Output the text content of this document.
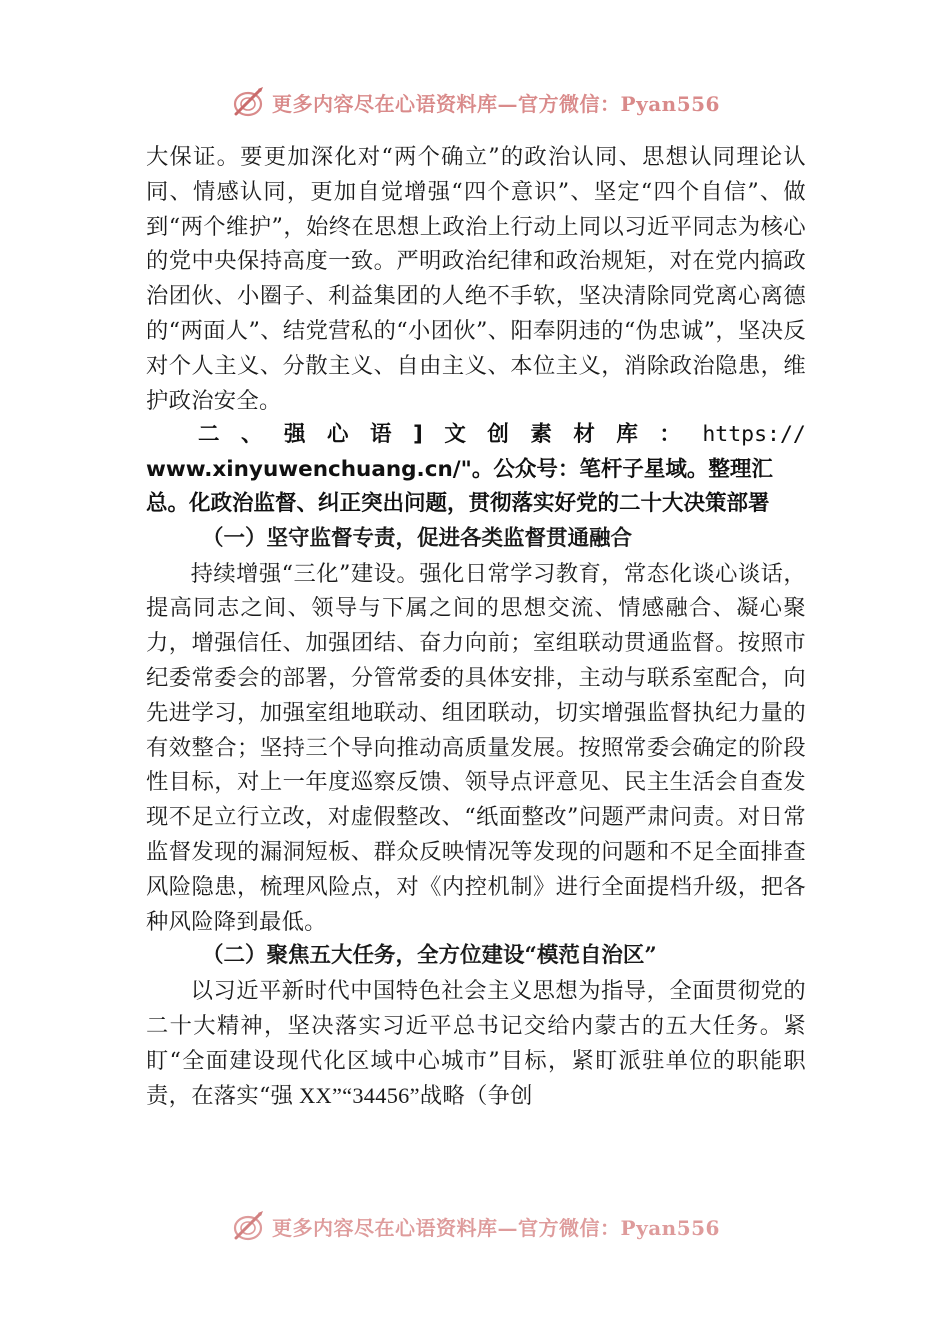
更多内容尽在心语资料库—官方微信：Pyan556

大保证。要更加深化对“两个确立”的政治认同、思想认同理论认同、情感认同，更加自觉增强“四个意识”、坚定“四个自信”、做到“两个维护”，始终在思想上政治上行动上同以习近平同志为核心的党中央保持高度一致。严明政治纪律和政治规矩，对在党内搞政治团伙、小圈子、利益集团的人绝不手软，坚决清除同党离心离德的“两面人”、结党营私的“小团伙”、阳奉阴违的“伪忠诚”，坚决反对个人主义、分散主义、自由主义、本位主义，消除政治隐患，维护政治安全。

二 、 强 心 语 ] 文 创 素 材 库 ： https://

www.xinyuwenchuang.cn/"。公众号：笔杆子星域。整理汇总。化政治监督、纠正突出问题，贯彻落实好党的二十大决策部署

（一）坚守监督专责，促进各类监督贯通融合

持续增强“三化”建设。强化日常学习教育，常态化谈心谈话，提高同志之间、领导与下属之间的思想交流、情感融合、凝心聚力，增强信任、加强团结、奋力向前；室组联动贯通监督。按照市纪委常委会的部署，分管常委的具体安排，主动与联系室配合，向先进学习，加强室组地联动、组团联动，切实增强监督执纪力量的有效整合；坚持三个导向推动高质量发展。按照常委会确定的阶段性目标，对上一年度巡察反馈、领导点评意见、民主生活会自查发现不足立行立改，对虚假整改、“纸面整改”问题严肃问责。对日常监督发现的漏洞短板、群众反映情况等发现的问题和不足全面排查风险隐患，梳理风险点，对《内控机制》进行全面提档升级，把各种风险降到最低。

（二）聚焦五大任务，全方位建设“模范自治区”

以习近平新时代中国特色社会主义思想为指导，全面贯彻党的二十大精神，坚决落实习近平总书记交给内蒙古的五大任务。紧盯“全面建设现代化区域中心城市”目标，紧盯派驻单位的职能职责，在落实“强 XX”“34456”战略（争创

更多内容尽在心语资料库—官方微信：Pyan556
